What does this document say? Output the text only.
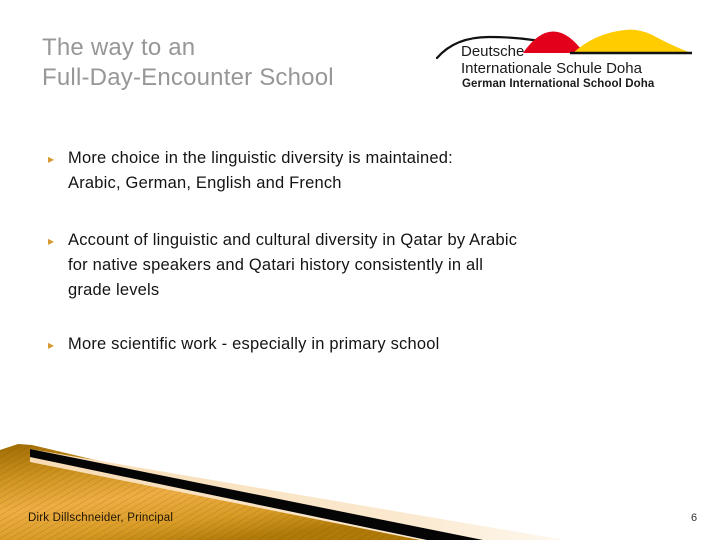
The way to an
Full-Day-Encounter School
Deutsche
Internationale Schule Doha
German International School Doha
▸ More choice in the linguistic diversity is maintained:
Arabic, German, English and French
▸ Account of linguistic and cultural diversity in Qatar by Arabic
for native speakers and Qatari history consistently in all
grade levels
▸ More scientific work - especially in primary school
Dirk Dillschneider, Principal	6
